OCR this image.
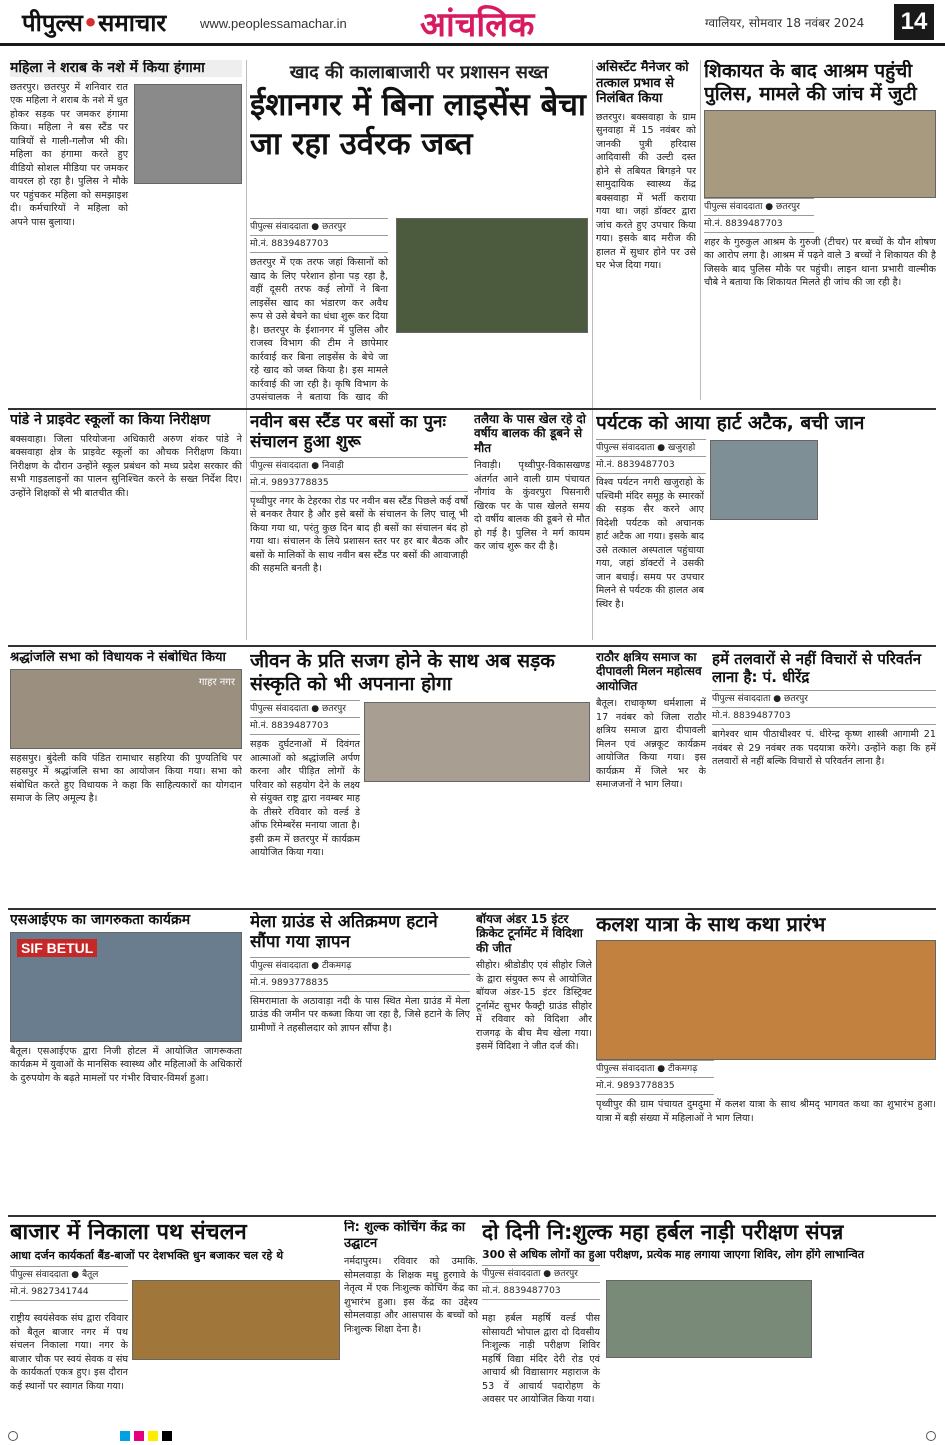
पीपुल्स•समाचार	www.peoplessamachar.in आंचलिक	ग्वालियर, सोमवार 18 नवंबर 2024 14
महिला ने शराब के नशे में किया हंगामा
छतरपुर। छतरपुर में शनिवार रात एक महिला ने शराब के नशे में धुत होकर सड़क पर जमकर हंगामा किया। महिला ने बस स्टैंड पर यात्रियों से गाली-गलौज भी की। महिला का हंगामा करते हुए वीडियो सोशल मीडिया पर जमकर वायरल हो रहा है। पुलिस ने मौके पर पहुंचकर महिला को समझाइश दी। कर्मचारियों ने महिला को अपने पास बुलाया।
खाद की कालाबाजारी पर प्रशासन सख्त
ईशानगर में बिना लाइसेंस बेचा जा रहा उर्वरक जब्त
पीपुल्स संवाददाता ● छतरपुर
मो.नं. 8839487703
छतरपुर में एक तरफ जहां किसानों को खाद के लिए परेशान होना पड़ रहा है, वहीं दूसरी तरफ कई लोगों ने बिना लाइसेंस खाद का भंडारण कर अवैध रूप से उसे बेचने का धंधा शुरू कर दिया है। छतरपुर के ईशानगर में पुलिस और राजस्व विभाग की टीम ने छापेमार कार्रवाई कर बिना लाइसेंस के बेचे जा रहे खाद को जब्त किया है। इस मामले कार्रवाई की जा रही है। कृषि विभाग के उपसंचालक ने बताया कि खाद की
असिस्टेंट मैनेजर को तत्काल प्रभाव से निलंबित किया
छतरपुर। बक्सवाहा के ग्राम सुनवाहा में 15 नवंबर को जानकी पुत्री हरिदास आदिवासी की उल्टी दस्त होने से तबियत बिगड़ने पर सामुदायिक स्वास्थ्य केंद्र बक्सवाहा में भर्ती कराया गया था। जहां डॉक्टर द्वारा जांच करते हुए उपचार किया गया। इसके बाद मरीज की हालत में सुधार होने पर उसे घर भेज दिया गया।
शिकायत के बाद आश्रम पहुंची पुलिस, मामले की जांच में जुटी
पीपुल्स संवाददाता ● छतरपुर
मो.नं. 8839487703
शहर के गुरुकुल आश्रम के गुरुजी (टीचर) पर बच्चों के यौन शोषण का आरोप लगा है। आश्रम में पढ़ने वाले 3 बच्चों ने शिकायत की है जिसके बाद पुलिस मौके पर पहुंची। लाइन थाना प्रभारी वाल्मीक चौबे ने बताया कि शिकायत मिलते ही जांच की जा रही है।
पांडे ने प्राइवेट स्कूलों का किया निरीक्षण
बक्सवाहा। जिला परियोजना अधिकारी अरुण शंकर पांडे ने बक्सवाहा क्षेत्र के प्राइवेट स्कूलों का औचक निरीक्षण किया। निरीक्षण के दौरान उन्होंने स्कूल प्रबंधन को मध्य प्रदेश सरकार की सभी गाइडलाइनों का पालन सुनिश्चित करने के सख्त निर्देश दिए। उन्होंने शिक्षकों से भी बातचीत की।
नवीन बस स्टैंड पर बसों का पुनः संचालन हुआ शुरू
पीपुल्स संवाददाता ● निवाड़ी
मो.नं. 9893778835
पृथ्वीपुर नगर के टेहरका रोड पर नवीन बस स्टैंड पिछले कई वर्षों से बनकर तैयार है और इसे बसों के संचालन के लिए चालू भी किया गया था, परंतु कुछ दिन बाद ही बसों का संचालन बंद हो गया था। संचालन के लिये प्रशासन स्तर पर हर बार बैठक और बसों के मालिकों के साथ नवीन बस स्टैंड पर बसों की आवाजाही की सहमति बनती है।
तलैया के पास खेल रहे दो वर्षीय बालक की डूबने से मौत
निवाड़ी। पृथ्वीपुर-विकासखण्ड अंतर्गत आने वाली ग्राम पंचायत नौगांव के कुंवरपुरा पिसनारी खिरक पर के पास खेलते समय दो वर्षीय बालक की डूबने से मौत हो गई है। पुलिस ने मर्ग कायम कर जांच शुरू कर दी है।
पर्यटक को आया हार्ट अटैक, बची जान
पीपुल्स संवाददाता ● खजुराहो
मो.नं. 8839487703
विश्व पर्यटन नगरी खजुराहो के पश्चिमी मंदिर समूह के स्मारकों की सड़क सैर करने आए विदेशी पर्यटक को अचानक हार्ट अटैक आ गया। इसके बाद उसे तत्काल अस्पताल पहुंचाया गया, जहां डॉक्टरों ने उसकी जान बचाई। समय पर उपचार मिलने से पर्यटक की हालत अब स्थिर है।
श्रद्धांजलि सभा को विधायक ने संबोधित किया
गाहर नगर
सहसपुर। बुंदेली कवि पंडित रामाधार सहरिया की पुण्यतिथि पर सहसपुर में श्रद्धांजलि सभा का आयोजन किया गया। सभा को संबोधित करते हुए विधायक ने कहा कि साहित्यकारों का योगदान समाज के लिए अमूल्य है।
जीवन के प्रति सजग होने के साथ अब सड़क संस्कृति को भी अपनाना होगा
पीपुल्स संवाददाता ● छतरपुर
मो.नं. 8839487703
सड़क दुर्घटनाओं में दिवंगत आत्माओं को श्रद्धांजलि अर्पण करना और पीड़ित लोगों के परिवार को सहयोग देने के लक्ष्य से संयुक्त राष्ट्र द्वारा नवम्बर माह के तीसरे रविवार को वर्ल्ड डे ऑफ रिमेम्बरेंस मनाया जाता है। इसी क्रम में छतरपुर में कार्यक्रम आयोजित किया गया।
राठौर क्षत्रिय समाज का दीपावली मिलन महोत्सव आयोजित
बैतूल। राधाकृष्ण धर्मशाला में 17 नवंबर को जिला राठौर क्षत्रिय समाज द्वारा दीपावली मिलन एवं अन्नकूट कार्यक्रम आयोजित किया गया। इस कार्यक्रम में जिले भर के समाजजनों ने भाग लिया।
हमें तलवारों से नहीं विचारों से परिवर्तन लाना है: पं. धीरेंद्र
पीपुल्स संवाददाता ● छतरपुर
मो.नं. 8839487703
बागेश्वर धाम पीठाधीश्वर पं. धीरेन्द्र कृष्ण शास्त्री आगामी 21 नवंबर से 29 नवंबर तक पदयात्रा करेंगे। उन्होंने कहा कि हमें तलवारों से नहीं बल्कि विचारों से परिवर्तन लाना है।
एसआईएफ का जागरुकता कार्यक्रम
SIF BETUL
बैतूल। एसआईएफ द्वारा निजी होटल में आयोजित जागरूकता कार्यक्रम में युवाओं के मानसिक स्वास्थ्य और महिलाओं के अधिकारों के दुरुपयोग के बढ़ते मामलों पर गंभीर विचार-विमर्श हुआ।
मेला ग्राउंड से अतिक्रमण हटाने सौंपा गया ज्ञापन
पीपुल्स संवाददाता ● टीकमगढ़
मो.नं. 9893778835
सिमरामाता के अठावाड़ा नदी के पास स्थित मेला ग्राउंड में मेला ग्राउंड की जमीन पर कब्जा किया जा रहा है, जिसे हटाने के लिए ग्रामीणों ने तहसीलदार को ज्ञापन सौंपा है।
बॉयज अंडर 15 इंटर क्रिकेट टूर्नामेंट में विदिशा की जीत
सीहोर। श्रीडोडीए एवं सीहोर जिले के द्वारा संयुक्त रूप से आयोजित बॉयज अंडर-15 इंटर डिस्ट्रिक्ट टूर्नामेंट सुभर फैक्ट्री ग्राउंड सीहोर में रविवार को विदिशा और राजगढ़ के बीच मैच खेला गया। इसमें विदिशा ने जीत दर्ज की।
कलश यात्रा के साथ कथा प्रारंभ
पीपुल्स संवाददाता ● टीकमगढ़
मो.नं. 9893778835
पृथ्वीपुर की ग्राम पंचायत दुमदुमा में कलश यात्रा के साथ श्रीमद् भागवत कथा का शुभारंभ हुआ। यात्रा में बड़ी संख्या में महिलाओं ने भाग लिया।
बाजार में निकाला पथ संचलन
आधा दर्जन कार्यकर्ता बैंड-बाजों पर देशभक्ति धुन बजाकर चल रहे थे
पीपुल्स संवाददाता ● बैतूल
मो.नं. 9827341744
राष्ट्रीय स्वयंसेवक संघ द्वारा रविवार को बैतूल बाजार नगर में पथ संचलन निकाला गया। नगर के बाजार चौक पर स्वयं सेवक व संघ के कार्यकर्ता एकत्र हुए। इस दौरान कई स्थानों पर स्वागत किया गया।
नि: शुल्क कोचिंग केंद्र का उद्घाटन
नर्मदापुरम। रविवार को उमाकि. सोमलवाड़ा के शिक्षक मधु हुरगावे के नेतृत्व में एक निःशुल्क कोचिंग केंद्र का शुभारंभ हुआ। इस केंद्र का उद्देश्य सोमलवाड़ा और आसपास के बच्चों को निःशुल्क शिक्षा देना है।
दो दिनी नि:शुल्क महा हर्बल नाड़ी परीक्षण संपन्न
300 से अधिक लोगों का हुआ परीक्षण, प्रत्येक माह लगाया जाएगा शिविर, लोग होंगे लाभान्वित
पीपुल्स संवाददाता ● छतरपुर
मो.नं. 8839487703
महा हर्बल महर्षि वर्ल्ड पीस सोसायटी भोपाल द्वारा दो दिवसीय निःशुल्क नाड़ी परीक्षण शिविर महर्षि विद्या मंदिर देरी रोड एवं आचार्य श्री विद्यासागर महाराज के 53 वें आचार्य पदारोहण के अवसर पर आयोजित किया गया।
